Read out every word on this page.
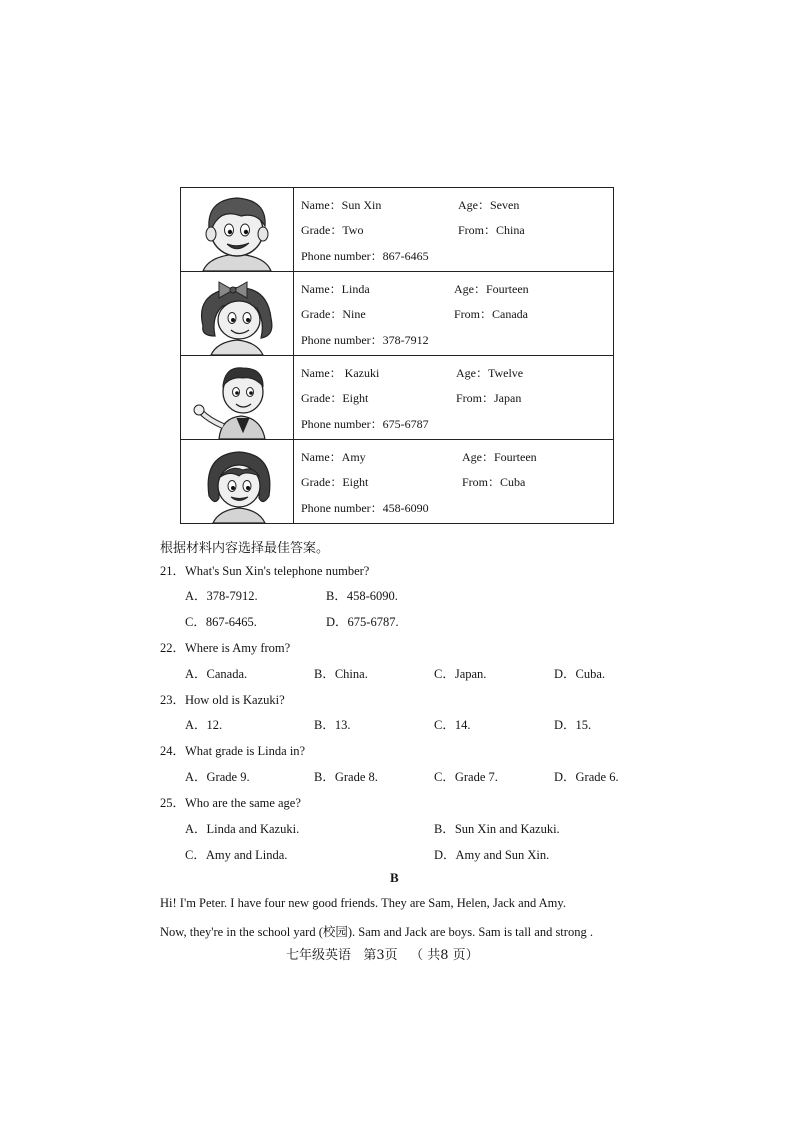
Name：Sun Xin Age：Seven
Grade：Two From：China
Phone number：867-6465

Name：Linda Age：Fourteen
Grade：Nine From：Canada
Phone number：378-7912

Name： Kazuki Age：Twelve
Grade：Eight From：Japan
Phone number：675-6787

Name：Amy Age：Fourteen
Grade：Eight From：Cuba
Phone number：458-6090
根据材料内容选择最佳答案。
21．What's Sun Xin's telephone number?
A．378-7912.	B．458-6090.
C．867-6465.	D．675-6787.
22．Where is Amy from?
A．Canada.	B．China.	C．Japan.	D．Cuba.
23．How old is Kazuki?
A．12.	B．13.	C．14.	D．15.
24．What grade is Linda in?
A．Grade 9.	B．Grade 8.	C．Grade 7.	D．Grade 6.
25．Who are the same age?
A．Linda and Kazuki.	B．Sun Xin and Kazuki.
C．Amy and Linda.	D．Amy and Sun Xin.
B
Hi! I'm Peter. I have four new good friends. They are Sam, Helen, Jack and Amy.
Now, they're in the school yard (校园). Sam and Jack are boys. Sam is tall and strong .
七年级英语   第3页   （ 共8 页）
